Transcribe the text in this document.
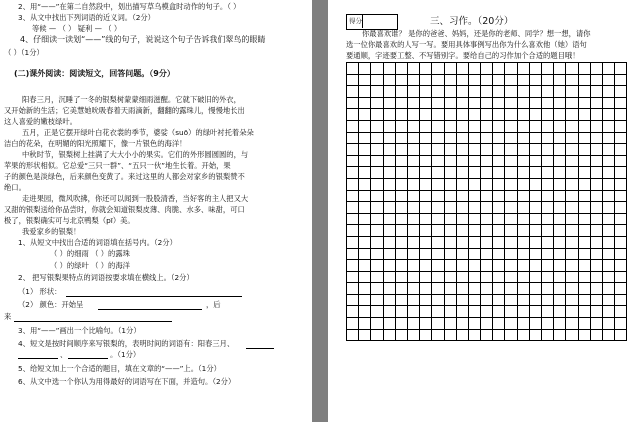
2、用“——”在第二自然段中，划出描写草乌模盒时动作的句子。（ ）
3、从文中找出下列词语的近义词。（2分）
等候 — （ ） 疑利 — （ ）
4、仔细读一读划“——”线的句子，说说这个句子告诉我们翠鸟的眼睛
（ ）（1分）
(二)课外阅读：阅读短文，回答问题。（9分）
阳春三月，沉睡了一冬的银梨树蒙蒙细雨滋醒。它就下破旧的外衣，
又开始新的生活；它美慧她吮吸春着天雨滴新，翻翻的露珠儿，慢慢地长出
这人喜爱的嫩枝绿叶。
五月，正是它摆开绿叶白花衣裳的季节，婆娑（suō）的绿叶衬托着朵朵
洁白的花朵，在明媚的阳光照耀下，像一片银色的海洋！
中秋时节，银梨树上挂满了大大小小的果实。它们的外形圆圆圆的，与
苹果的形状相似。它总爱“三只一群”、“五只一伙”地生长着。开始，果
子的颜色是淡绿色，后来颜色变黄了。来过这里的人都会对家乡的银梨赞不
绝口。
走进果园，微风吹拂，你还可以闻到一股股清香，当好客的主人把又大
又甜的银梨送给你品尝时，你就会知道银梨皮薄、肉脆、水多、味甜，可口
极了，银梨确实可与北京鸭梨（pī）美。
我爱家乡的银梨！
1、从短文中找出合适的词语填在括号内。（2分）
（ ）的细雨 （ ）的露珠
（ ）的绿叶 （ ）的海洋
2、 把写银梨果特点的词语按要求填在横线上。（2分）
（1） 形状：
（2） 颜色：开始呈	，后
来
3、用“——”画出一个比喻句。（1分）
4、短文是按时间顺序来写银梨的，表明时间的词语有：阳春三月、
、	。（1分）
5、给短文加上一个合适的题目，填在文章的“——”上。（1分）
6、从文中选一个你认为用得最好的词语写在下面，并造句。（2分）
得分	三、习作。（20分）
你最喜欢谁？ 是你的爸爸、妈妈，还是你的老师、同学？想一想，请你
选一位你最喜欢的人写一写。要用具体事例写出你为什么喜欢他（她）语句
要通顺，字迹要工整、不写错别字。要给自己的习作加个合适的题目哦！
